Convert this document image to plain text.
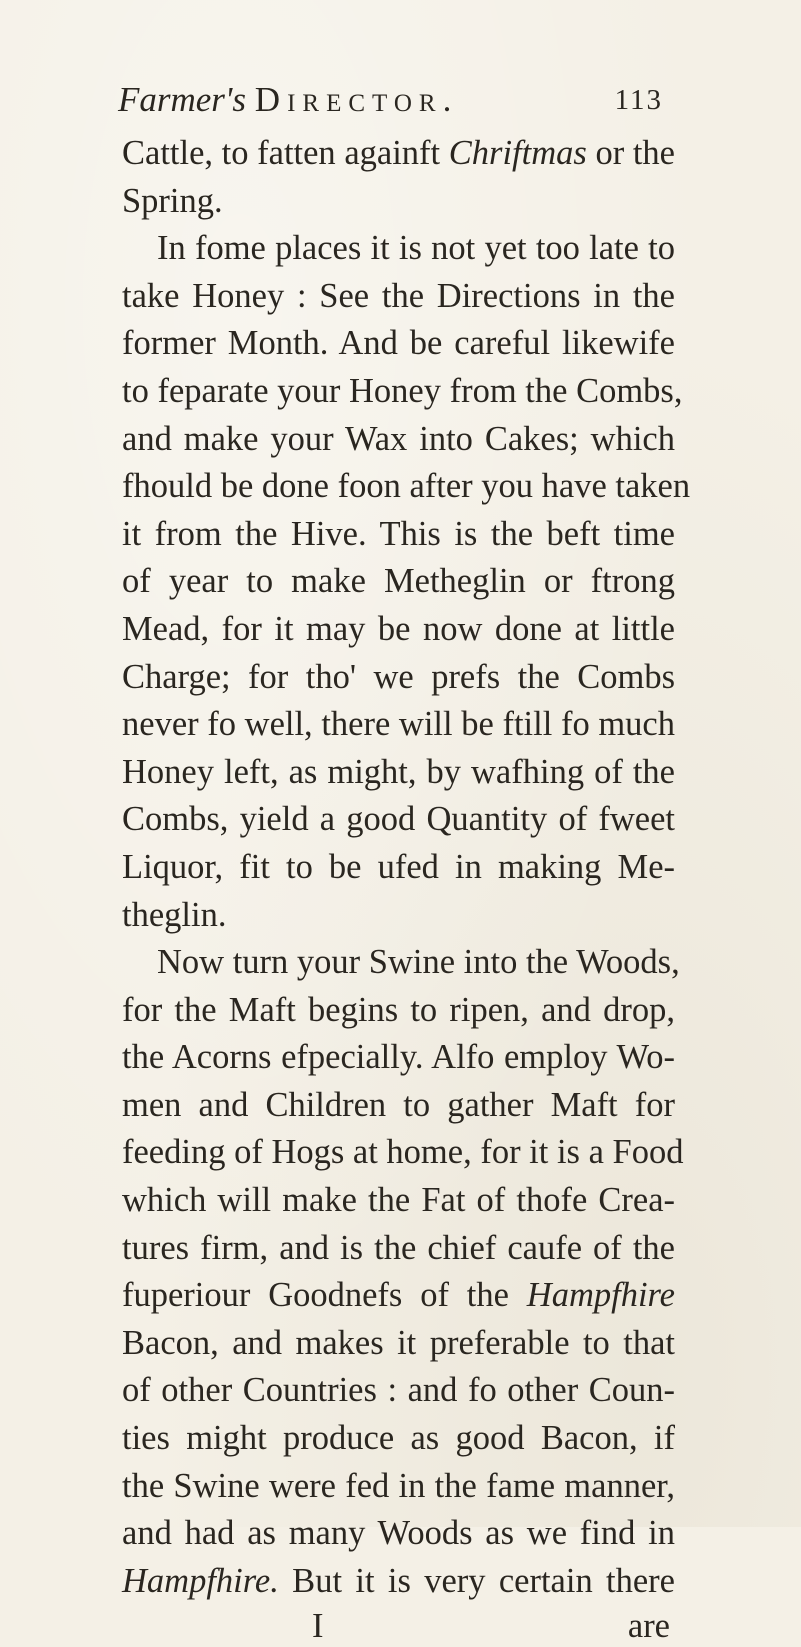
Farmer's Director.	113
Cattle, to fatten againft Chriftmas or the
Spring.
In fome places it is not yet too late to
take Honey : See the Directions in the
former Month. And be careful likewife
to feparate your Honey from the Combs,
and make your Wax into Cakes; which
fhould be done foon after you have taken
it from the Hive. This is the beft time
of year to make Metheglin or ftrong
Mead, for it may be now done at little
Charge; for tho' we prefs the Combs
never fo well, there will be ftill fo much
Honey left, as might, by wafhing of the
Combs, yield a good Quantity of fweet
Liquor, fit to be ufed in making Me-
theglin.
Now turn your Swine into the Woods,
for the Maft begins to ripen, and drop,
the Acorns efpecially. Alfo employ Wo-
men and Children to gather Maft for
feeding of Hogs at home, for it is a Food
which will make the Fat of thofe Crea-
tures firm, and is the chief caufe of the
fuperiour Goodnefs of the Hampfhire
Bacon, and makes it preferable to that
of other Countries : and fo other Coun-
ties might produce as good Bacon, if
the Swine were fed in the fame manner,
and had as many Woods as we find in
Hampfhire. But it is very certain there
I	are
